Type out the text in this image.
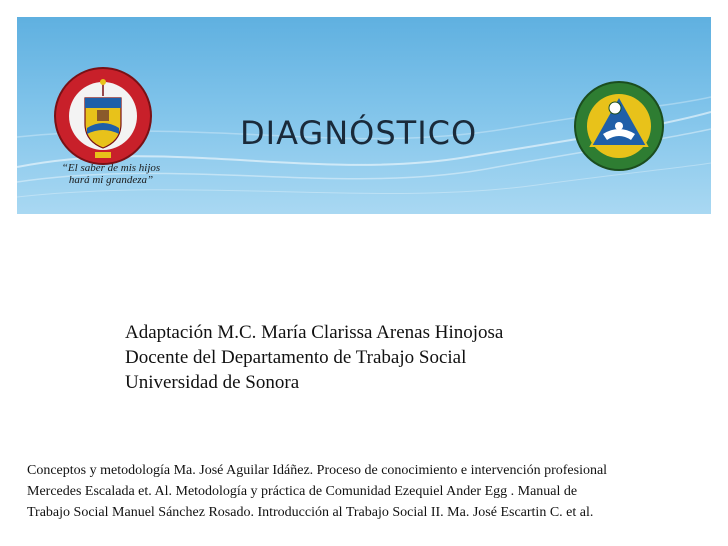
DIAGNÓSTICO
“El saber de mis hijos
hará mi grandeza”
Adaptación M.C. María Clarissa Arenas Hinojosa
Docente del Departamento de Trabajo Social
Universidad de Sonora
Conceptos y metodología Ma. José Aguilar Idáñez. Proceso de conocimiento e intervención profesional
Mercedes Escalada et. Al. Metodología y práctica de Comunidad Ezequiel Ander Egg . Manual de
Trabajo Social Manuel Sánchez Rosado. Introducción al Trabajo Social II. Ma. José Escartin C. et al.
